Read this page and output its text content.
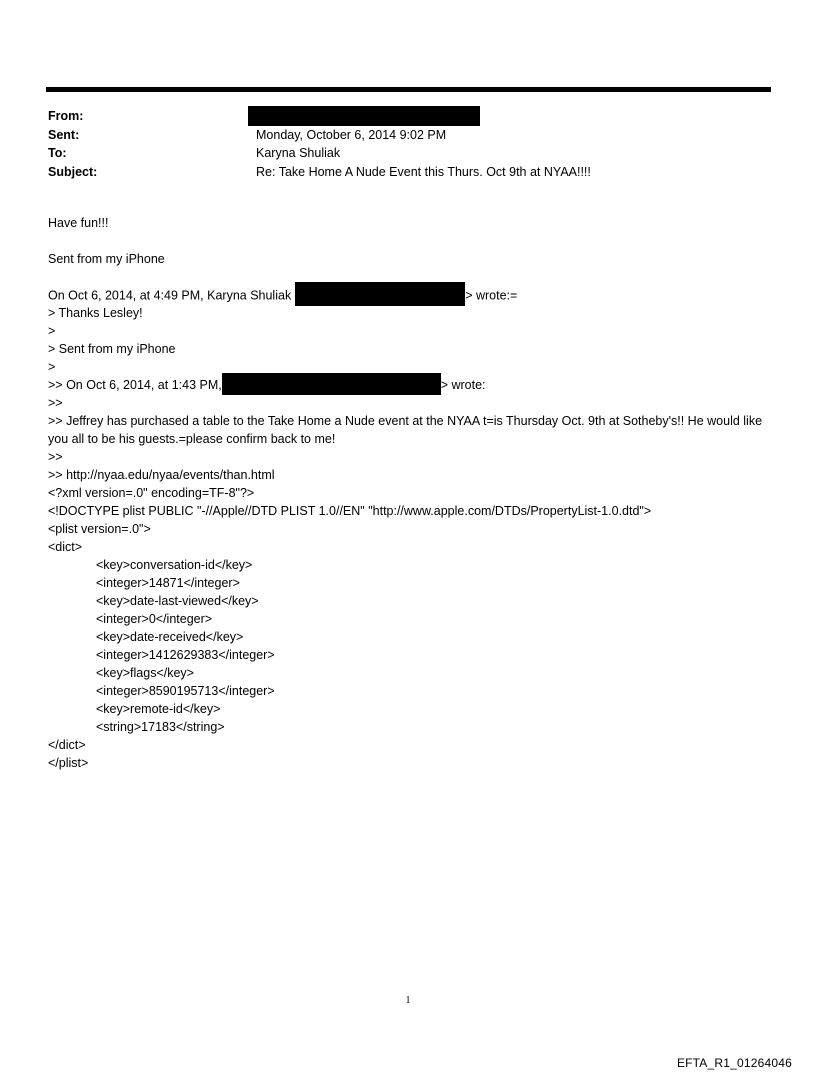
From:
Sent:	Monday, October 6, 2014 9:02 PM
To:	Karyna Shuliak
Subject:	Re: Take Home A Nude Event this Thurs. Oct 9th at NYAA!!!!
Have fun!!!
Sent from my iPhone
On Oct 6, 2014, at 4:49 PM, Karyna Shuliak	> wrote:=
> Thanks Lesley!
>
> Sent from my iPhone
>
>> On Oct 6, 2014, at 1:43 PM,	> wrote:
>>
>> Jeffrey has purchased a table to the Take Home a Nude event at the NYAA t=is Thursday Oct. 9th at Sotheby's!! He would like you all to be his guests.=please confirm back to me!
>>
>> http://nyaa.edu/nyaa/events/than.html
<?xml version=.0" encoding=TF-8"?>
<!DOCTYPE plist PUBLIC "-//Apple//DTD PLIST 1.0//EN" "http://www.apple.com/DTDs/PropertyList-1.0.dtd">
<plist version=.0">
<dict>
<key>conversation-id</key>
<integer>14871</integer>
<key>date-last-viewed</key>
<integer>0</integer>
<key>date-received</key>
<integer>1412629383</integer>
<key>flags</key>
<integer>8590195713</integer>
<key>remote-id</key>
<string>17183</string>
</dict>
</plist>
1
EFTA_R1_01264046
